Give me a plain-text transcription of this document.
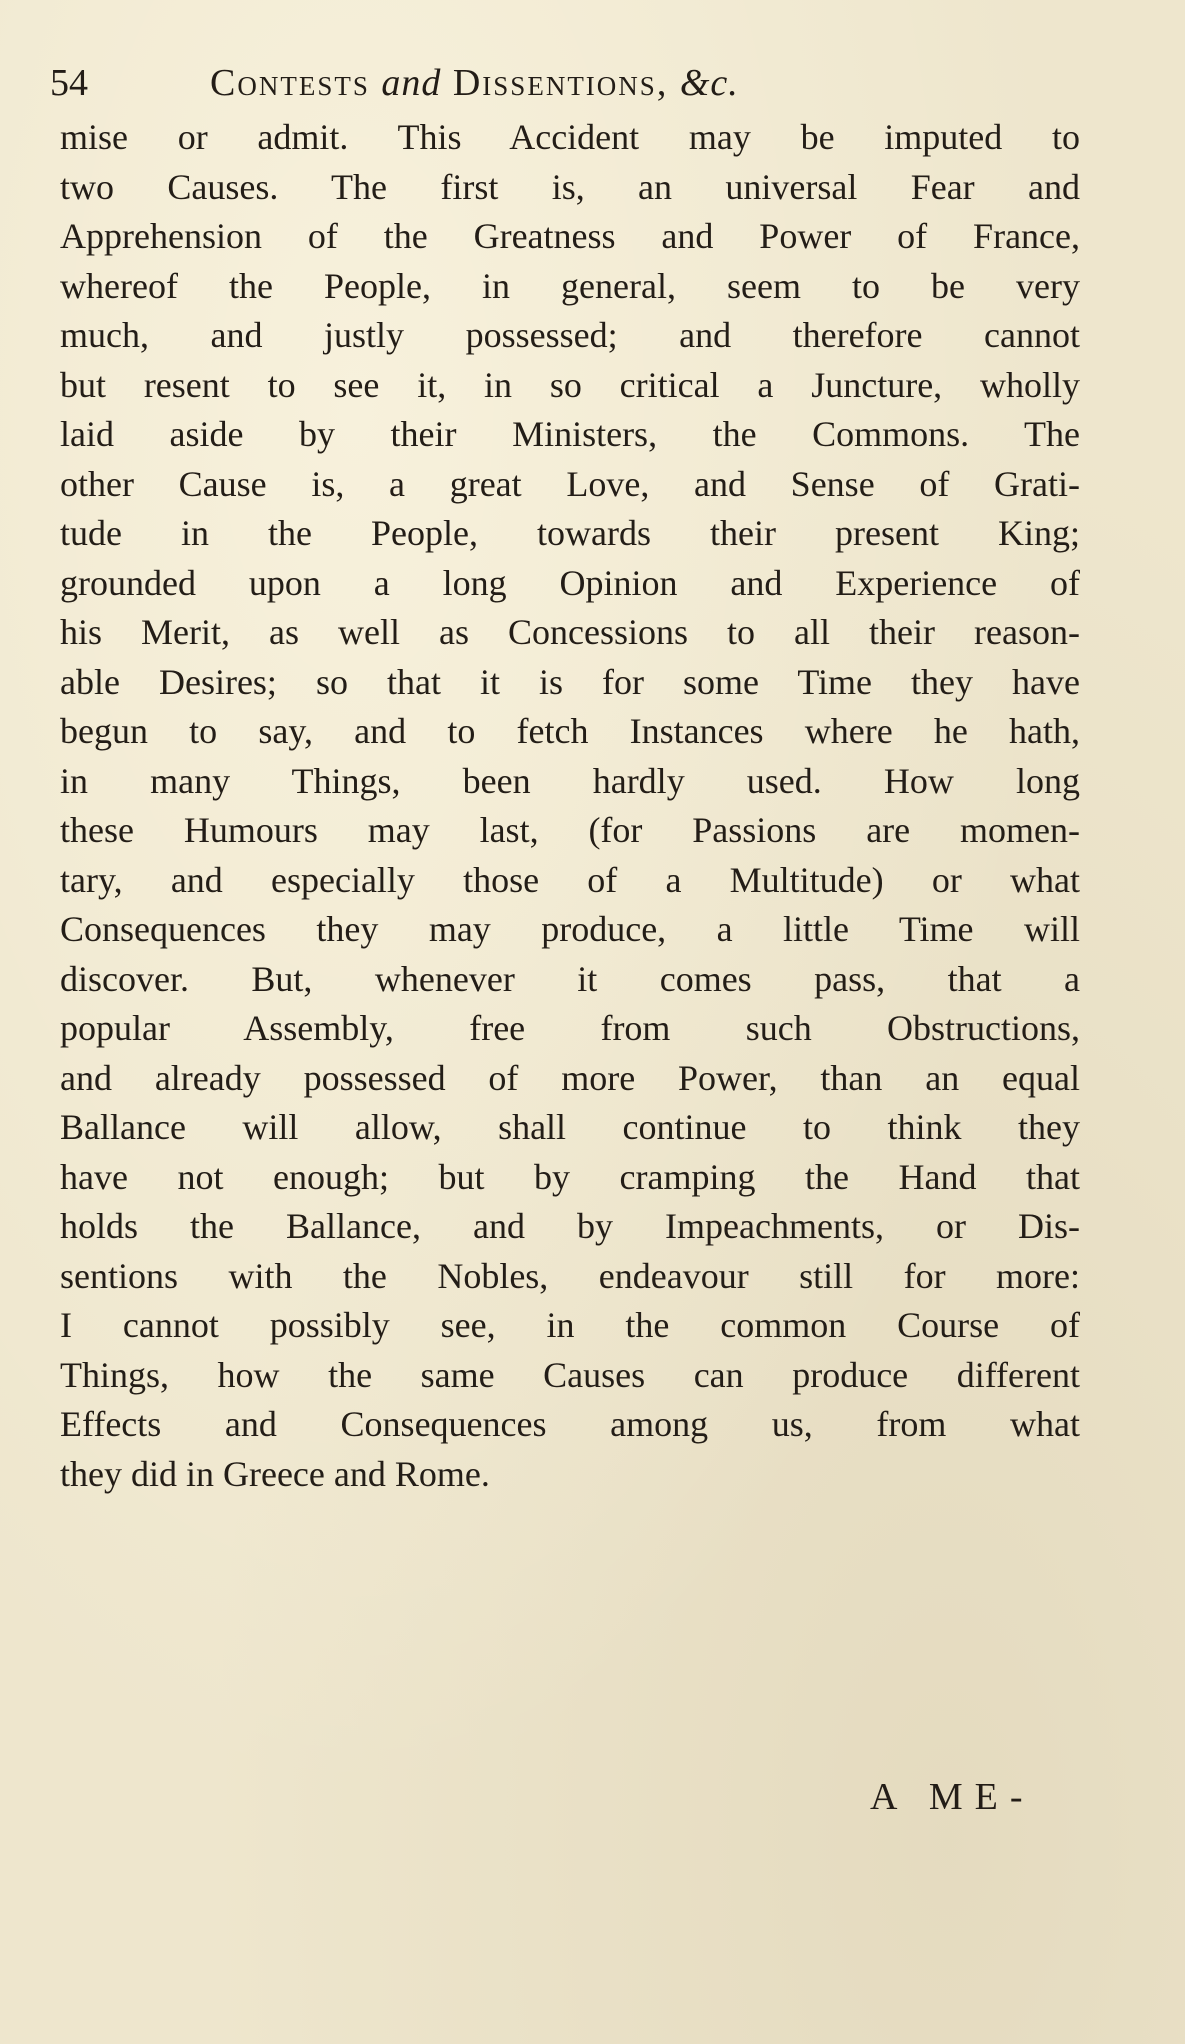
54	Contests and Dissentions, &c.
mise or admit. This Accident may be imputed to
two Causes. The first is, an universal Fear and
Apprehension of the Greatness and Power of France,
whereof the People, in general, seem to be very
much, and justly possessed; and therefore cannot
but resent to see it, in so critical a Juncture, wholly
laid aside by their Ministers, the Commons. The
other Cause is, a great Love, and Sense of Grati-
tude in the People, towards their present King;
grounded upon a long Opinion and Experience of
his Merit, as well as Concessions to all their reason-
able Desires; so that it is for some Time they have
begun to say, and to fetch Instances where he hath,
in many Things, been hardly used. How long
these Humours may last, (for Passions are momen-
tary, and especially those of a Multitude) or what
Consequences they may produce, a little Time will
discover. But, whenever it comes pass, that a
popular Assembly, free from such Obstructions,
and already possessed of more Power, than an equal
Ballance will allow, shall continue to think they
have not enough; but by cramping the Hand that
holds the Ballance, and by Impeachments, or Dis-
sentions with the Nobles, endeavour still for more:
I cannot possibly see, in the common Course of
Things, how the same Causes can produce different
Effects and Consequences among us, from what
they did in Greece and Rome.
A ME-
